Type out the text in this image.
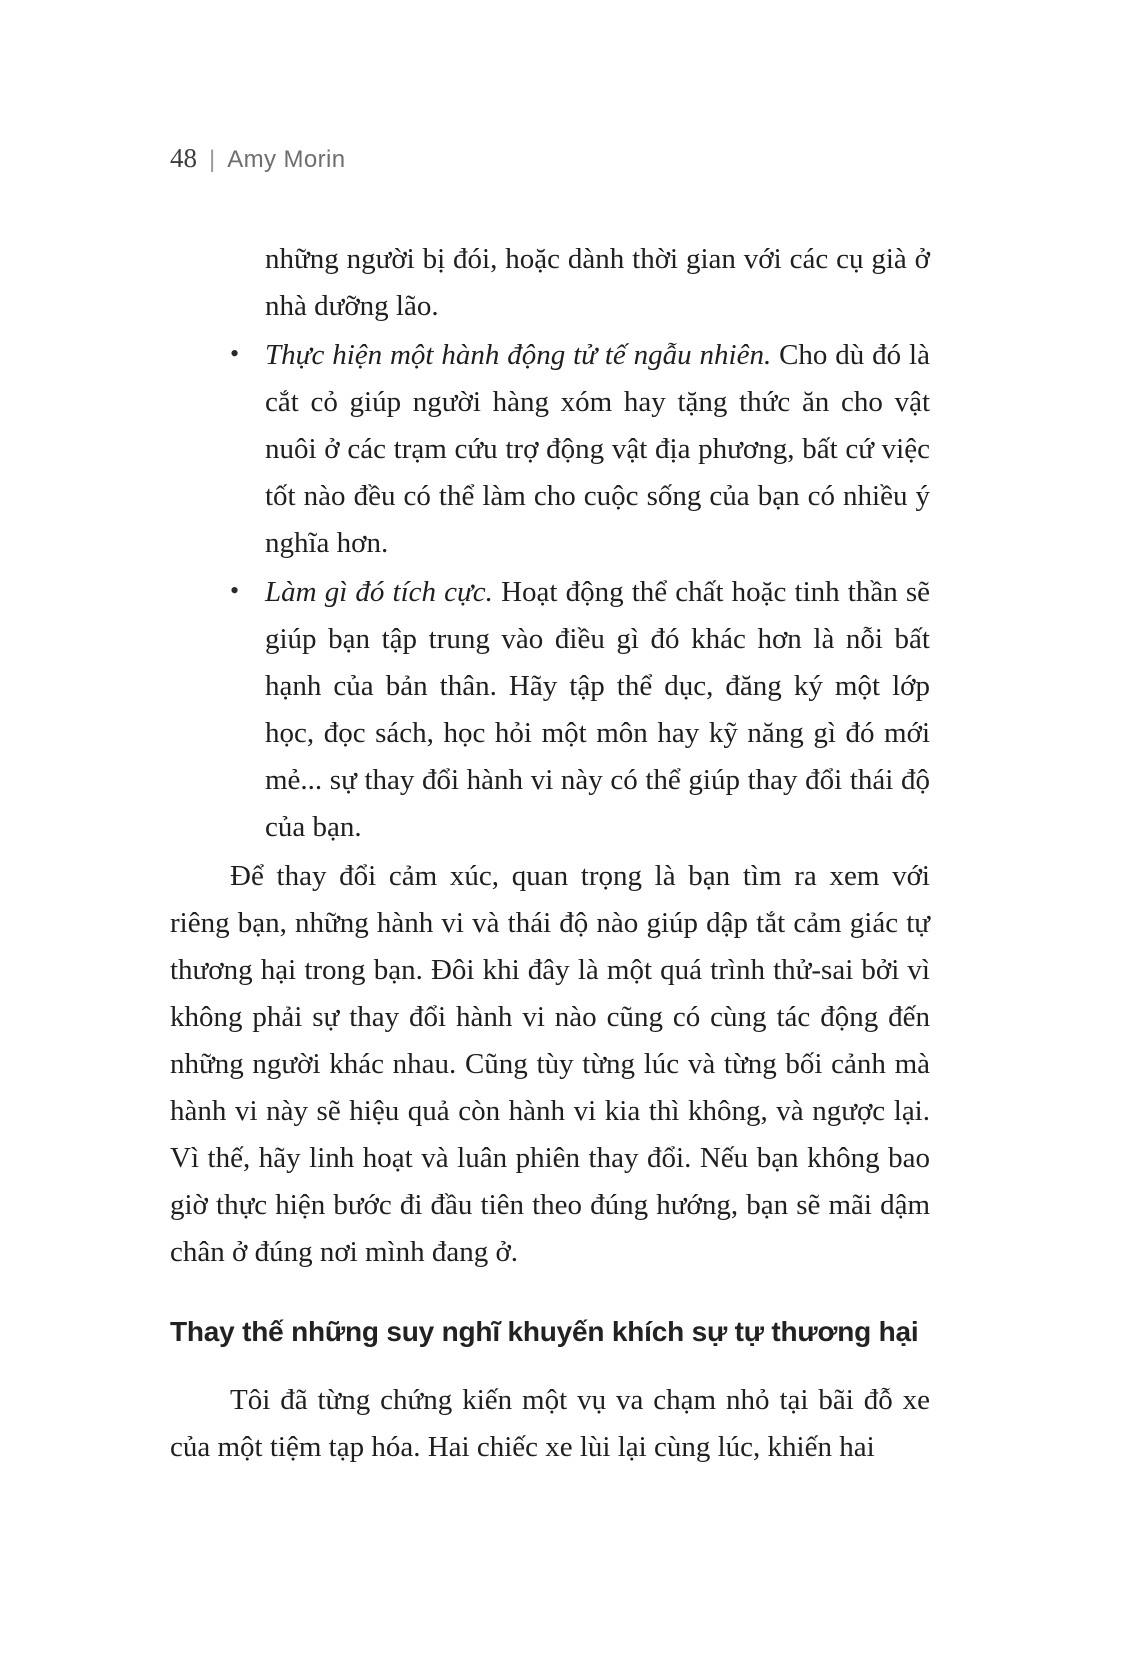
48 | Amy Morin

những người bị đói, hoặc dành thời gian với các cụ già ở nhà dưỡng lão.

• Thực hiện một hành động tử tế ngẫu nhiên. Cho dù đó là cắt cỏ giúp người hàng xóm hay tặng thức ăn cho vật nuôi ở các trạm cứu trợ động vật địa phương, bất cứ việc tốt nào đều có thể làm cho cuộc sống của bạn có nhiều ý nghĩa hơn.
• Làm gì đó tích cực. Hoạt động thể chất hoặc tinh thần sẽ giúp bạn tập trung vào điều gì đó khác hơn là nỗi bất hạnh của bản thân. Hãy tập thể dục, đăng ký một lớp học, đọc sách, học hỏi một môn hay kỹ năng gì đó mới mẻ... sự thay đổi hành vi này có thể giúp thay đổi thái độ của bạn.

Để thay đổi cảm xúc, quan trọng là bạn tìm ra xem với riêng bạn, những hành vi và thái độ nào giúp dập tắt cảm giác tự thương hại trong bạn. Đôi khi đây là một quá trình thử-sai bởi vì không phải sự thay đổi hành vi nào cũng có cùng tác động đến những người khác nhau. Cũng tùy từng lúc và từng bối cảnh mà hành vi này sẽ hiệu quả còn hành vi kia thì không, và ngược lại. Vì thế, hãy linh hoạt và luân phiên thay đổi. Nếu bạn không bao giờ thực hiện bước đi đầu tiên theo đúng hướng, bạn sẽ mãi dậm chân ở đúng nơi mình đang ở.

Thay thế những suy nghĩ khuyến khích sự tự thương hại

Tôi đã từng chứng kiến một vụ va chạm nhỏ tại bãi đỗ xe của một tiệm tạp hóa. Hai chiếc xe lùi lại cùng lúc, khiến hai
